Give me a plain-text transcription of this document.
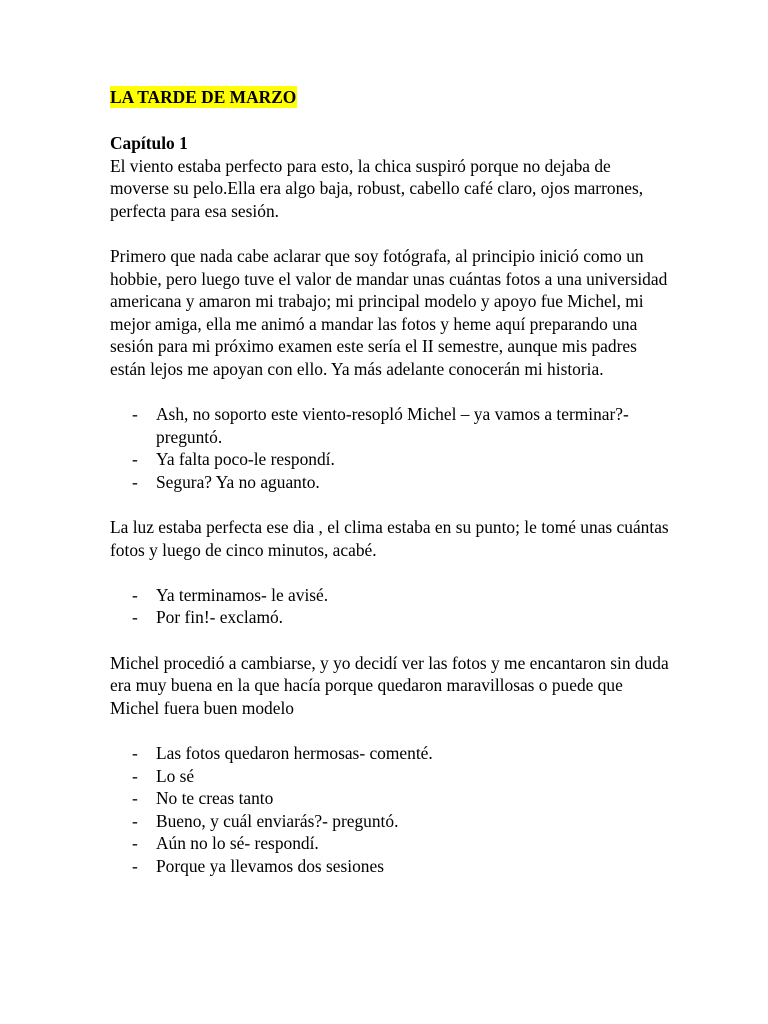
LA TARDE DE MARZO

Capítulo 1

El viento estaba perfecto para esto, la chica suspiró porque no dejaba de moverse su pelo.Ella era algo baja, robust, cabello café claro, ojos marrones, perfecta para esa sesión.

Primero que nada cabe aclarar que soy fotógrafa, al principio inició como un hobbie, pero luego tuve el valor de mandar unas cuántas fotos a una universidad americana y amaron mi trabajo; mi principal modelo y apoyo fue Michel, mi mejor amiga, ella me animó a mandar las fotos y heme aquí preparando una sesión para mi próximo examen este sería el II semestre, aunque mis padres están lejos me apoyan con ello. Ya más adelante conocerán mi historia.

- Ash, no soporto este viento-resopló Michel – ya vamos a terminar?-preguntó.
- Ya falta poco-le respondí.
- Segura? Ya no aguanto.

La luz estaba perfecta ese dia , el clima estaba en su punto; le tomé unas cuántas fotos y luego de cinco minutos, acabé.

- Ya terminamos- le avisé.
- Por fin!- exclamó.

Michel procedió a cambiarse, y yo decidí ver las fotos y me encantaron sin duda era muy buena en la que hacía porque quedaron maravillosas o puede que Michel fuera buen modelo

- Las fotos quedaron hermosas- comenté.
- Lo sé
- No te creas tanto
- Bueno, y cuál enviarás?- preguntó.
- Aún no lo sé- respondí.
- Porque ya llevamos dos sesiones
